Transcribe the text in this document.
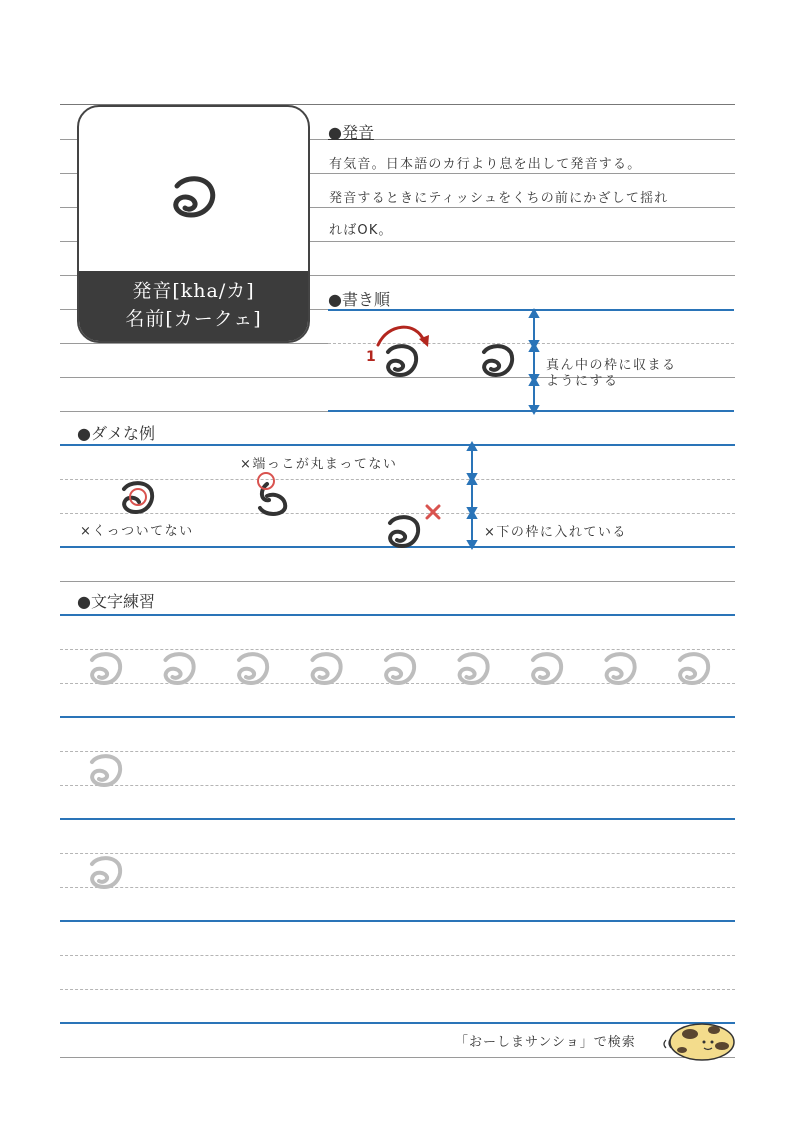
発音[kha/カ]
名前[カークェ]
●発音
有気音。日本語のカ行より息を出して発音する。
発音するときにティッシュをくちの前にかざして揺れ
ればOK。
●書き順
1
真ん中の枠に収まる
ようにする
●ダメな例
×端っこが丸まってない
×くっついてない	×下の枠に入れている
●文字練習
「おーしまサンショ」で検索
